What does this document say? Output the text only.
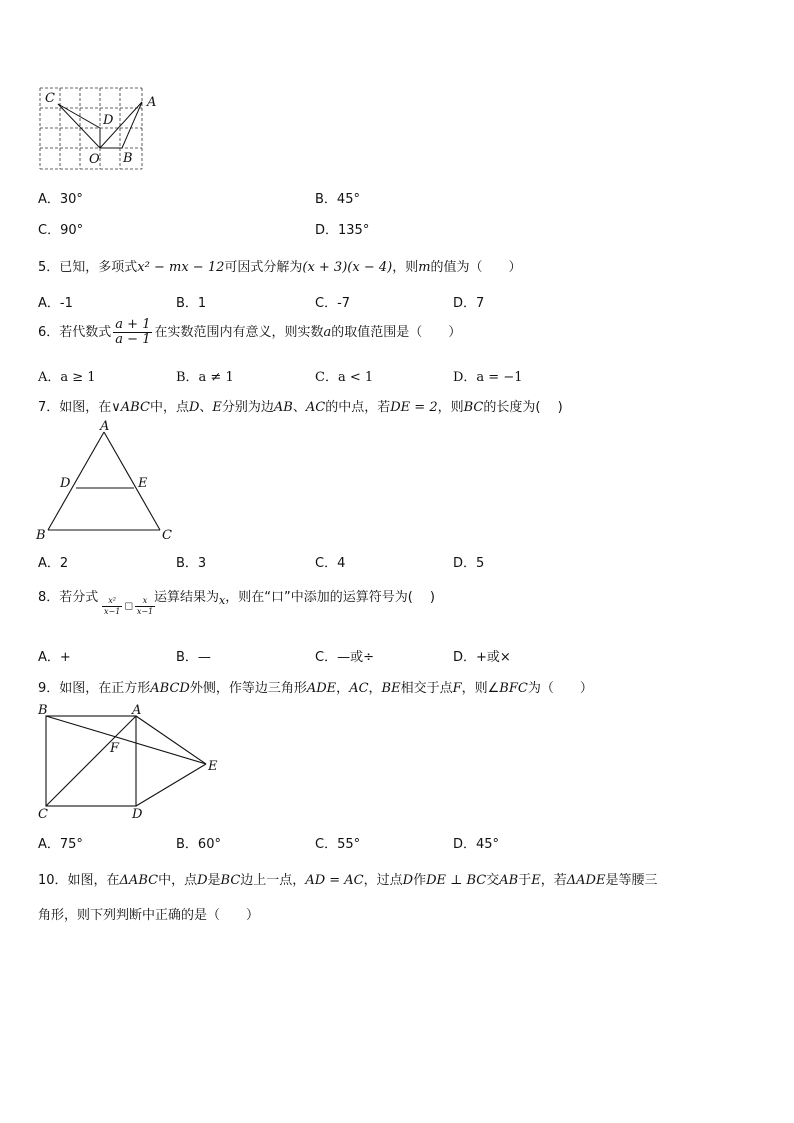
C	A
D
O B
A．30°	B．45°
C．90°	D．135°
5．已知，多项式x² − mx − 12可因式分解为(x + 3)(x − 4)，则m的值为（　　）
A．-1	B．1	C．-7	D．7
6．若代数式 $\frac{a + 1}{a - 1}$ 在实数范围内有意义，则实数a的取值范围是（　　）
A．a ≥ 1	B．a ≠ 1	C．a < 1	D．a = −1
7．如图，在∨ABC中，点D、E分别为边AB、AC的中点，若DE = 2，则BC的长度为(　 )
A
D	E
B	C
A．2	B．3	C．4	D．5
8．若分式 $\frac{\text{x²}}{x-1}$ □ $\frac{x}{x-1}$
运算结果为$_x$，则在“口”中添加的运算符号为(　 )
A．+	B．—	C．—或÷	D．+或×
9．如图，在正方形ABCD外侧，作等边三角形ADE，AC，BE相交于点F，则∠BFC为（　　）
B	A
F
E
C	D
A．75°	B．60°	C．55°	D．45°
10．如图，在ΔABC中，点D是BC边上一点，AD = AC，过点D作DE ⊥ BC交AB于E，若ΔADE是等腰三
角形，则下列判断中正确的是（　　）
